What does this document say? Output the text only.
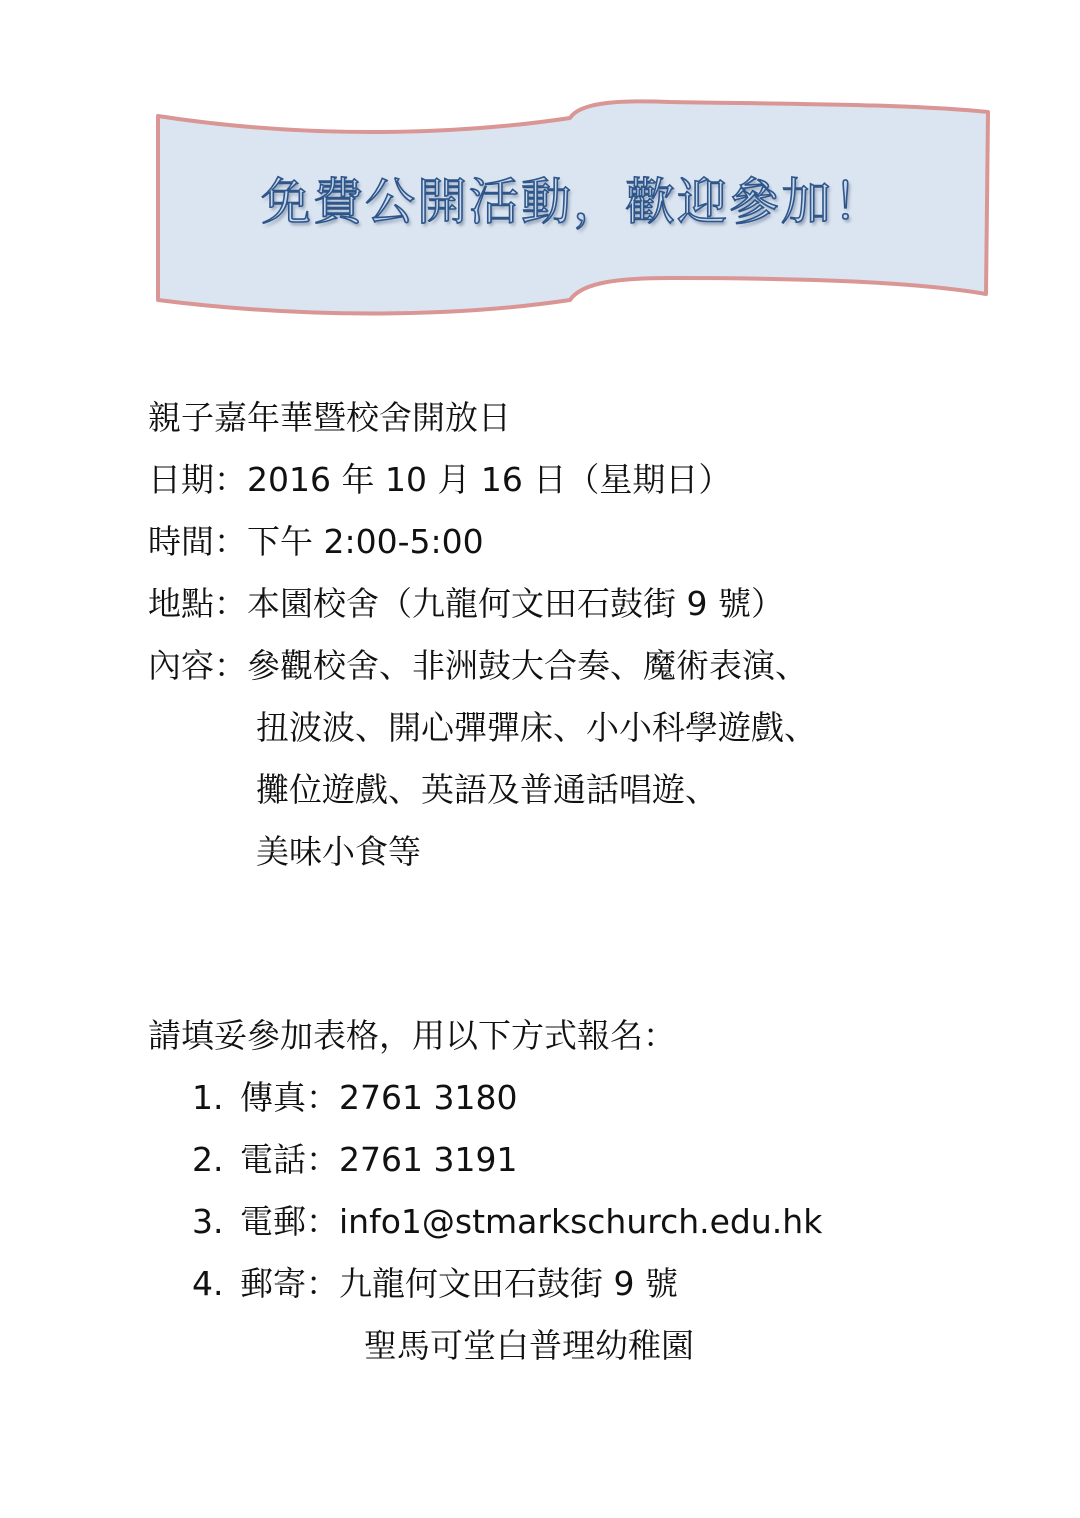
免費公開活動，歡迎參加！
親子嘉年華暨校舍開放日
日期：2016 年 10 月 16 日（星期日）
時間：下午 2:00-5:00
地點：本園校舍（九龍何文田石鼓街 9 號）
內容：參觀校舍、非洲鼓大合奏、魔術表演、
扭波波、開心彈彈床、小小科學遊戲、
攤位遊戲、英語及普通話唱遊、
美味小食等
請填妥參加表格，用以下方式報名：
1. 傳真：2761 3180
2. 電話：2761 3191
3. 電郵：info1@stmarkschurch.edu.hk
4. 郵寄：九龍何文田石鼓街 9 號
聖馬可堂白普理幼稚園
